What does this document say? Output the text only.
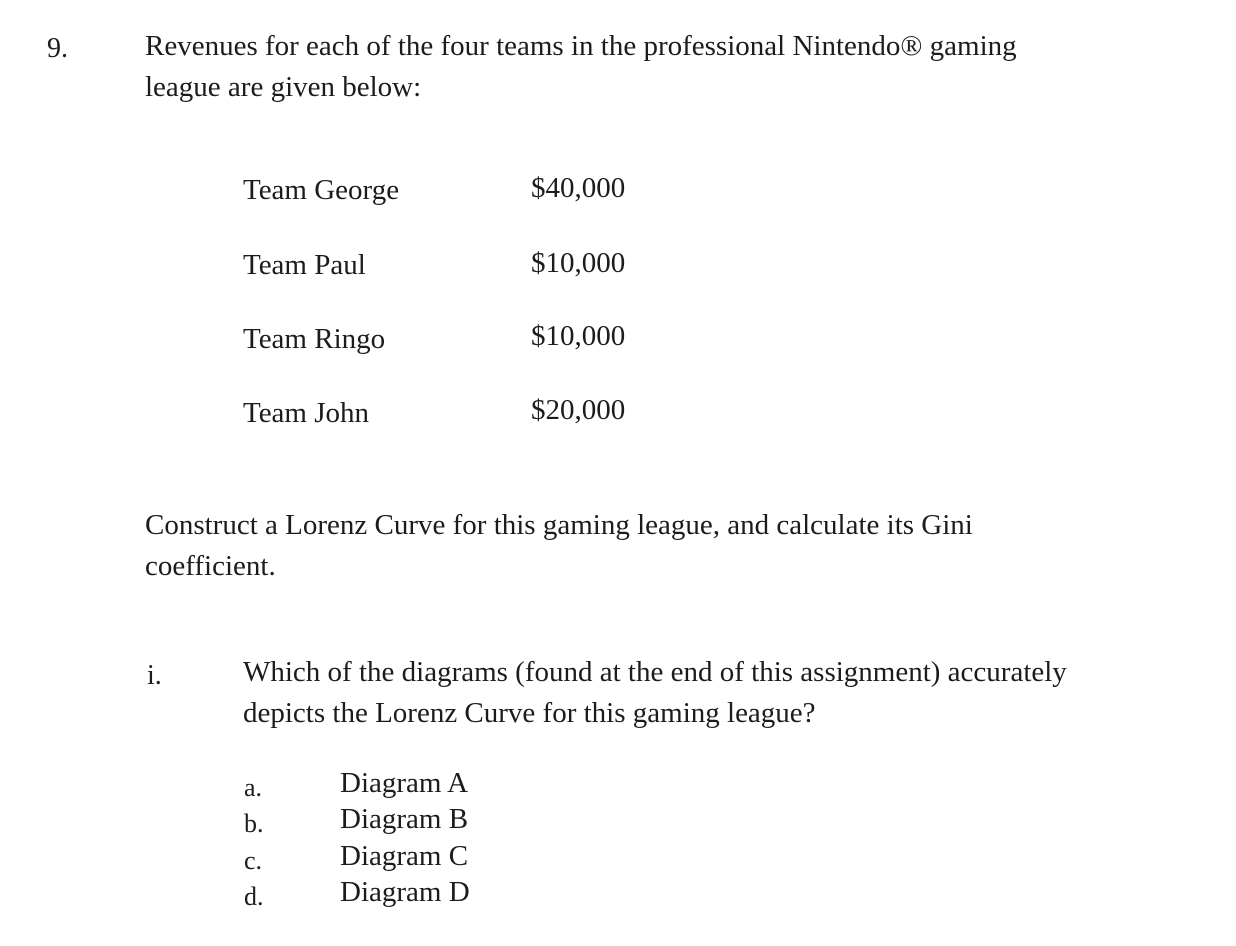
9.	Revenues for each of the four teams in the professional Nintendo® gaming
league are given below:
Team George	$40,000
Team Paul	$10,000
Team Ringo	$10,000
Team John	$20,000
Construct a Lorenz Curve for this gaming league, and calculate its Gini
coefficient.
i.	Which of the diagrams (found at the end of this assignment) accurately
depicts the Lorenz Curve for this gaming league?
a.	Diagram A
b.	Diagram B
c.	Diagram C
d.	Diagram D
